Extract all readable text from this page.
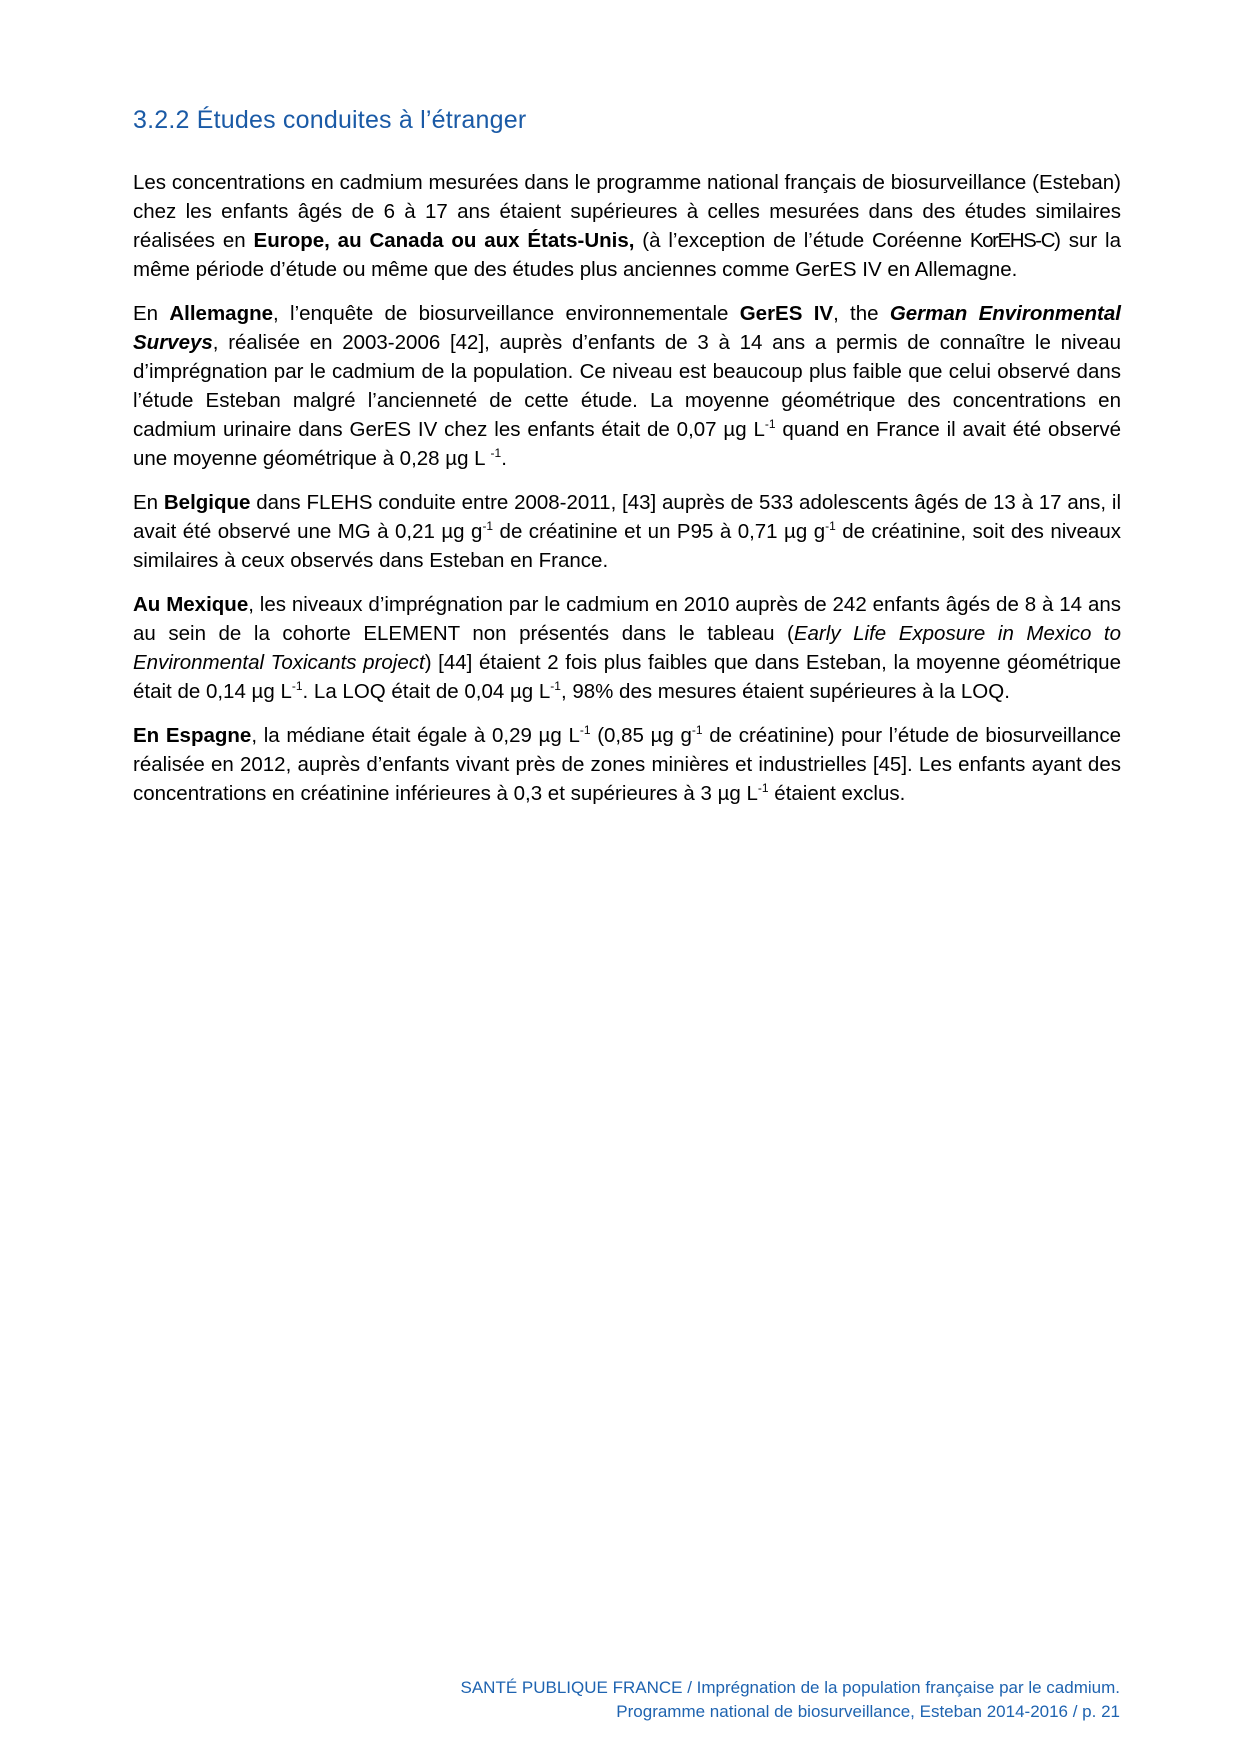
3.2.2 Études conduites à l’étranger

Les concentrations en cadmium mesurées dans le programme national français de biosurveillance (Esteban) chez les enfants âgés de 6 à 17 ans étaient supérieures à celles mesurées dans des études similaires réalisées en Europe, au Canada ou aux États-Unis, (à l’exception de l’étude Coréenne KorEHS-C) sur la même période d’étude ou même que des études plus anciennes comme GerES IV en Allemagne.

En Allemagne, l’enquête de biosurveillance environnementale GerES IV, the German Environmental Surveys, réalisée en 2003-2006 [42], auprès d’enfants de 3 à 14 ans a permis de connaître le niveau d’imprégnation par le cadmium de la population. Ce niveau est beaucoup plus faible que celui observé dans l’étude Esteban malgré l’ancienneté de cette étude. La moyenne géométrique des concentrations en cadmium urinaire dans GerES IV chez les enfants était de 0,07 µg $L^{-1}$ quand en France il avait été observé une moyenne géométrique à 0,28 µg L $^{-1}$.

En Belgique dans FLEHS conduite entre 2008-2011, [43] auprès de 533 adolescents âgés de 13 à 17 ans, il avait été observé une MG à 0,21 µg $g^{-1}$ de créatinine et un P95 à 0,71 µg $g^{-1}$ de créatinine, soit des niveaux similaires à ceux observés dans Esteban en France.

Au Mexique, les niveaux d’imprégnation par le cadmium en 2010 auprès de 242 enfants âgés de 8 à 14 ans au sein de la cohorte ELEMENT non présentés dans le tableau (Early Life Exposure in Mexico to Environmental Toxicants project) [44] étaient 2 fois plus faibles que dans Esteban, la moyenne géométrique était de 0,14 µg $L^{-1}$. La LOQ était de 0,04 µg $L^{-1}$, 98% des mesures étaient supérieures à la LOQ.

En Espagne, la médiane était égale à 0,29 µg $L^{-1}$ (0,85 µg $g^{-1}$ de créatinine) pour l’étude de biosurveillance réalisée en 2012, auprès d’enfants vivant près de zones minières et industrielles [45]. Les enfants ayant des concentrations en créatinine inférieures à 0,3 et supérieures à 3 µg $L^{-1}$ étaient exclus.

SANTÉ PUBLIQUE FRANCE / Imprégnation de la population française par le cadmium.
Programme national de biosurveillance, Esteban 2014-2016 / p. 21
